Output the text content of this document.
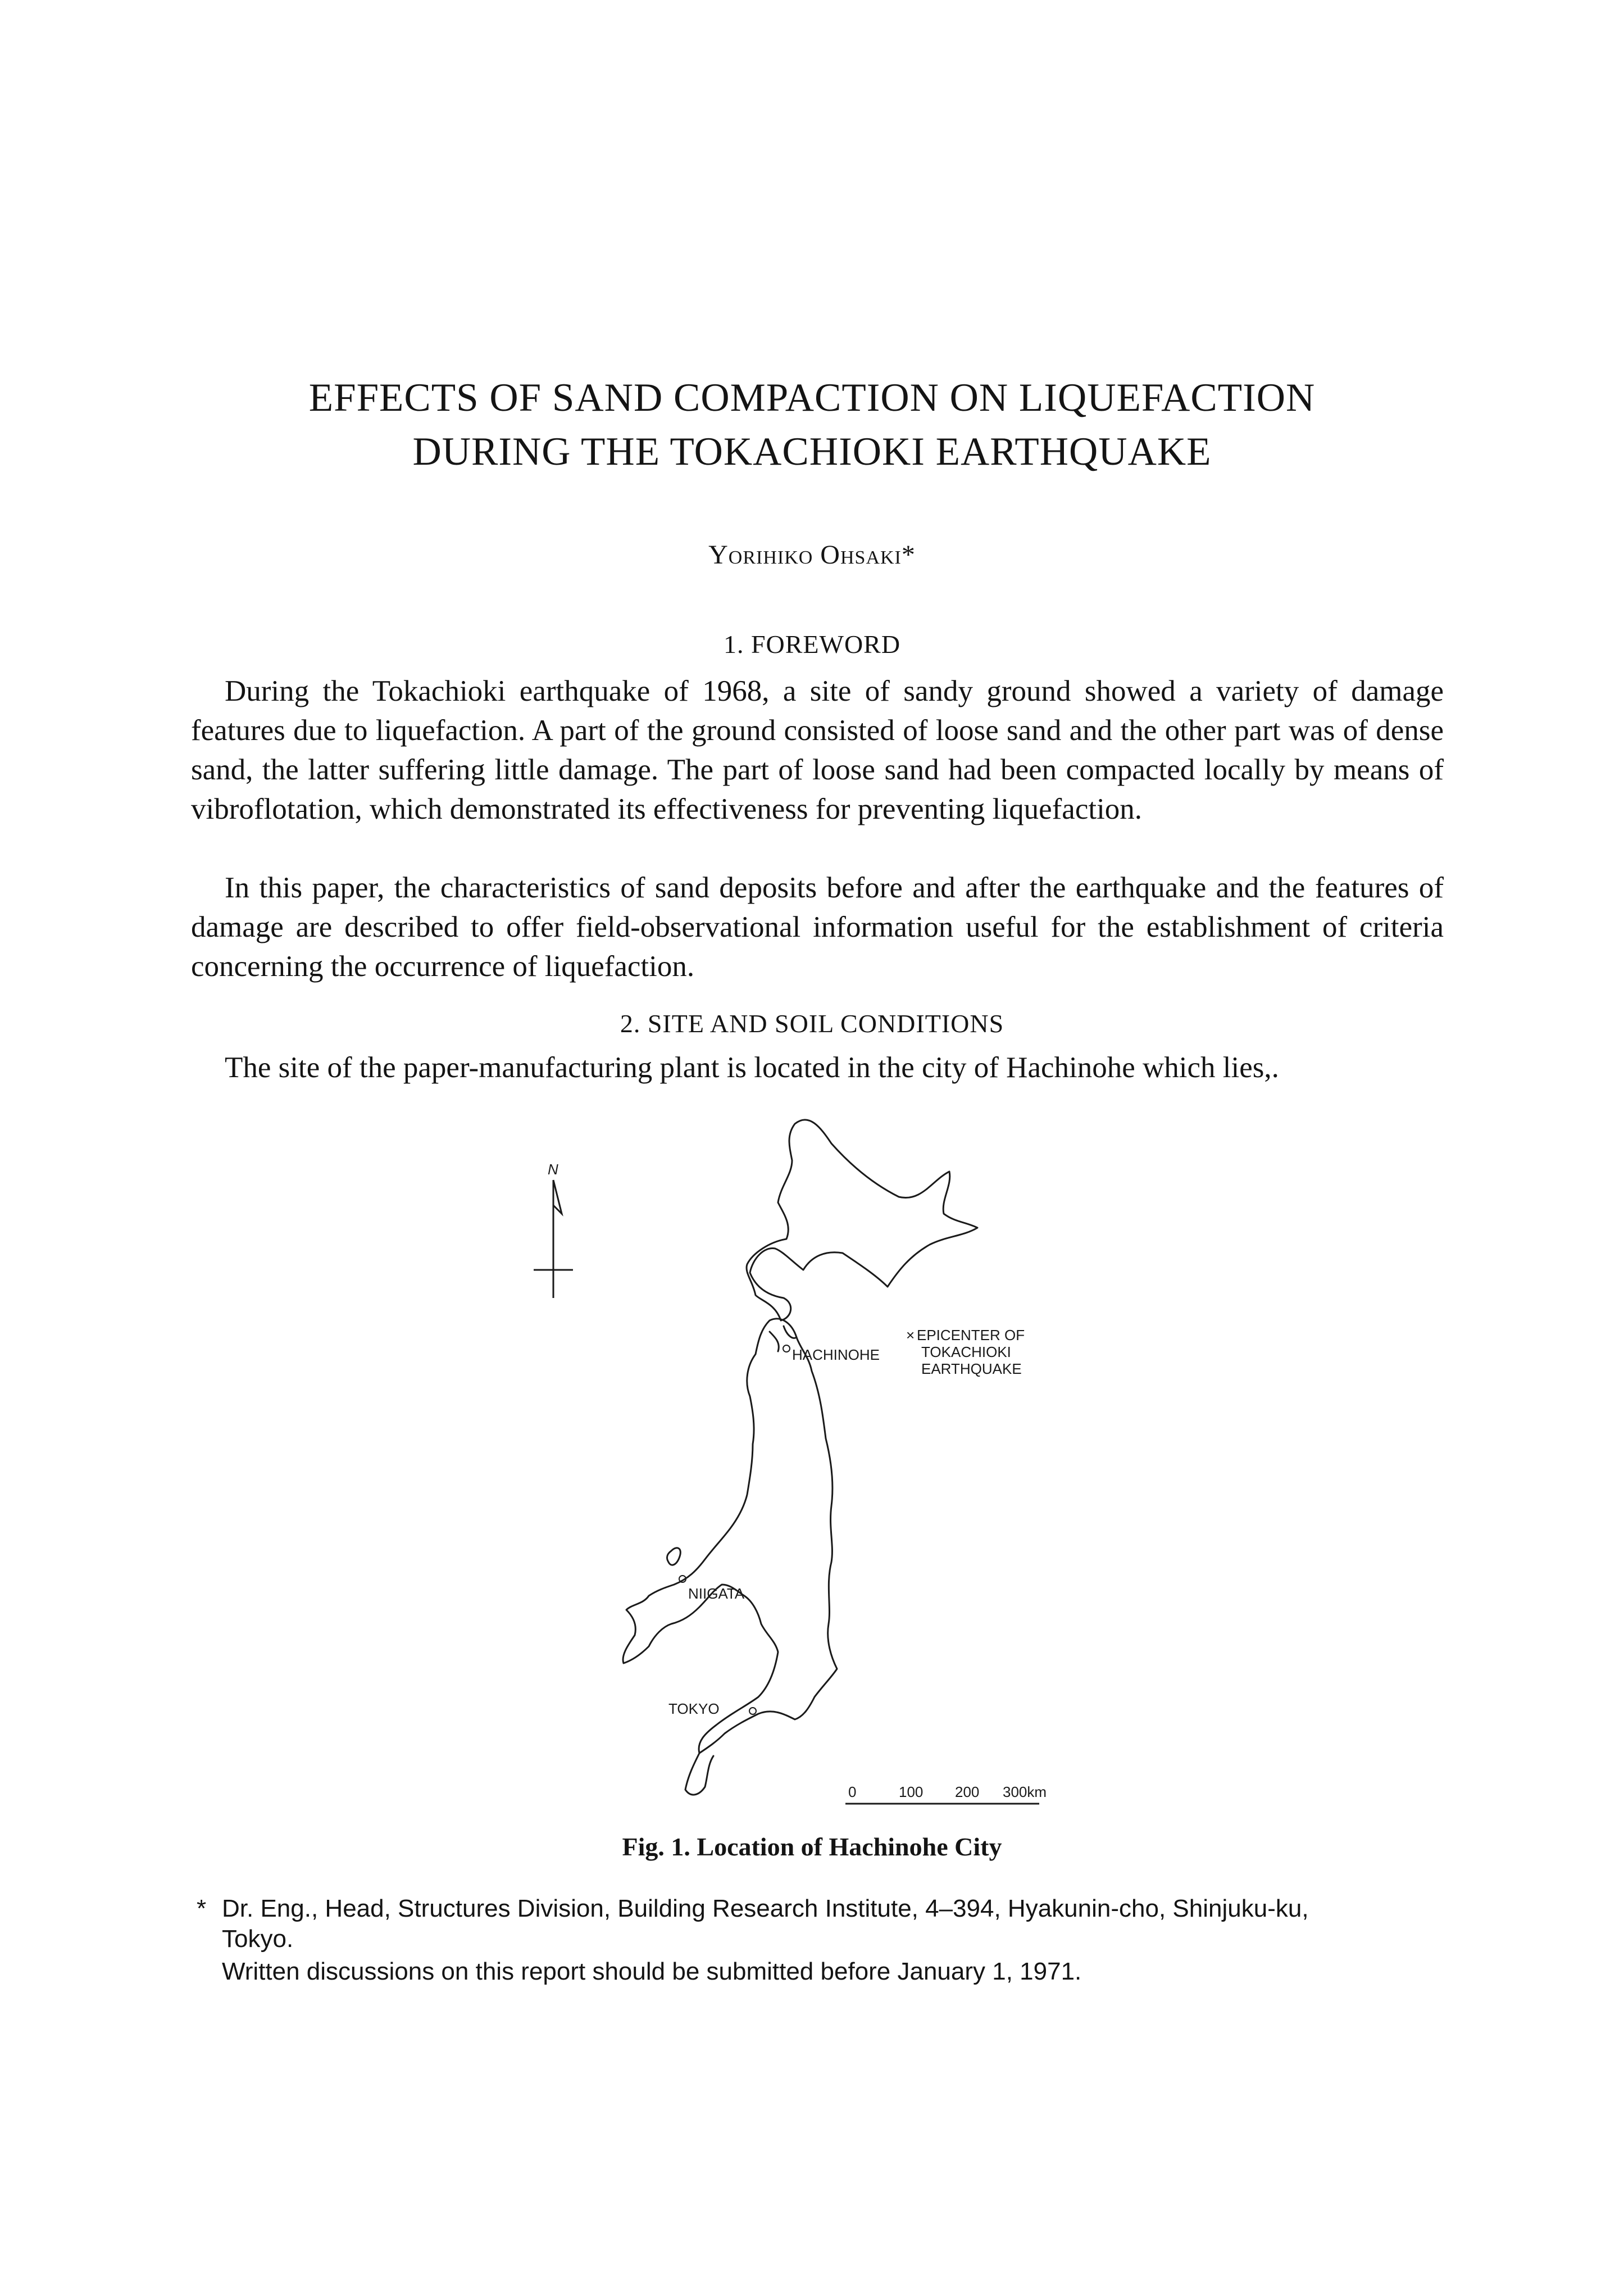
EFFECTS OF SAND COMPACTION ON LIQUEFACTION
DURING THE TOKACHIOKI EARTHQUAKE
Yorihiko Ohsaki*
1. FOREWORD

During the Tokachioki earthquake of 1968, a site of sandy ground showed a variety of damage features due to liquefaction. A part of the ground consisted of loose sand and the other part was of dense sand, the latter suffering little damage. The part of loose sand had been compacted locally by means of vibroflotation, which demonstrated its effectiveness for preventing liquefaction.

In this paper, the characteristics of sand deposits before and after the earthquake and the features of damage are described to offer field-observational information useful for the establishment of criteria concerning the occurrence of liquefaction.

2. SITE AND SOIL CONDITIONS

The site of the paper-manufacturing plant is located in the city of Hachinohe which lies,.

N
HACHINOHE
× EPICENTER OF
TOKACHIOKI
EARTHQUAKE
NIIGATA
TOKYO
0	100 200 300km
Fig. 1. Location of Hachinohe City
* Dr. Eng., Head, Structures Division, Building Research Institute, 4–394, Hyakunin-cho, Shinjuku-ku,
Tokyo.
Written discussions on this report should be submitted before January 1, 1971.
